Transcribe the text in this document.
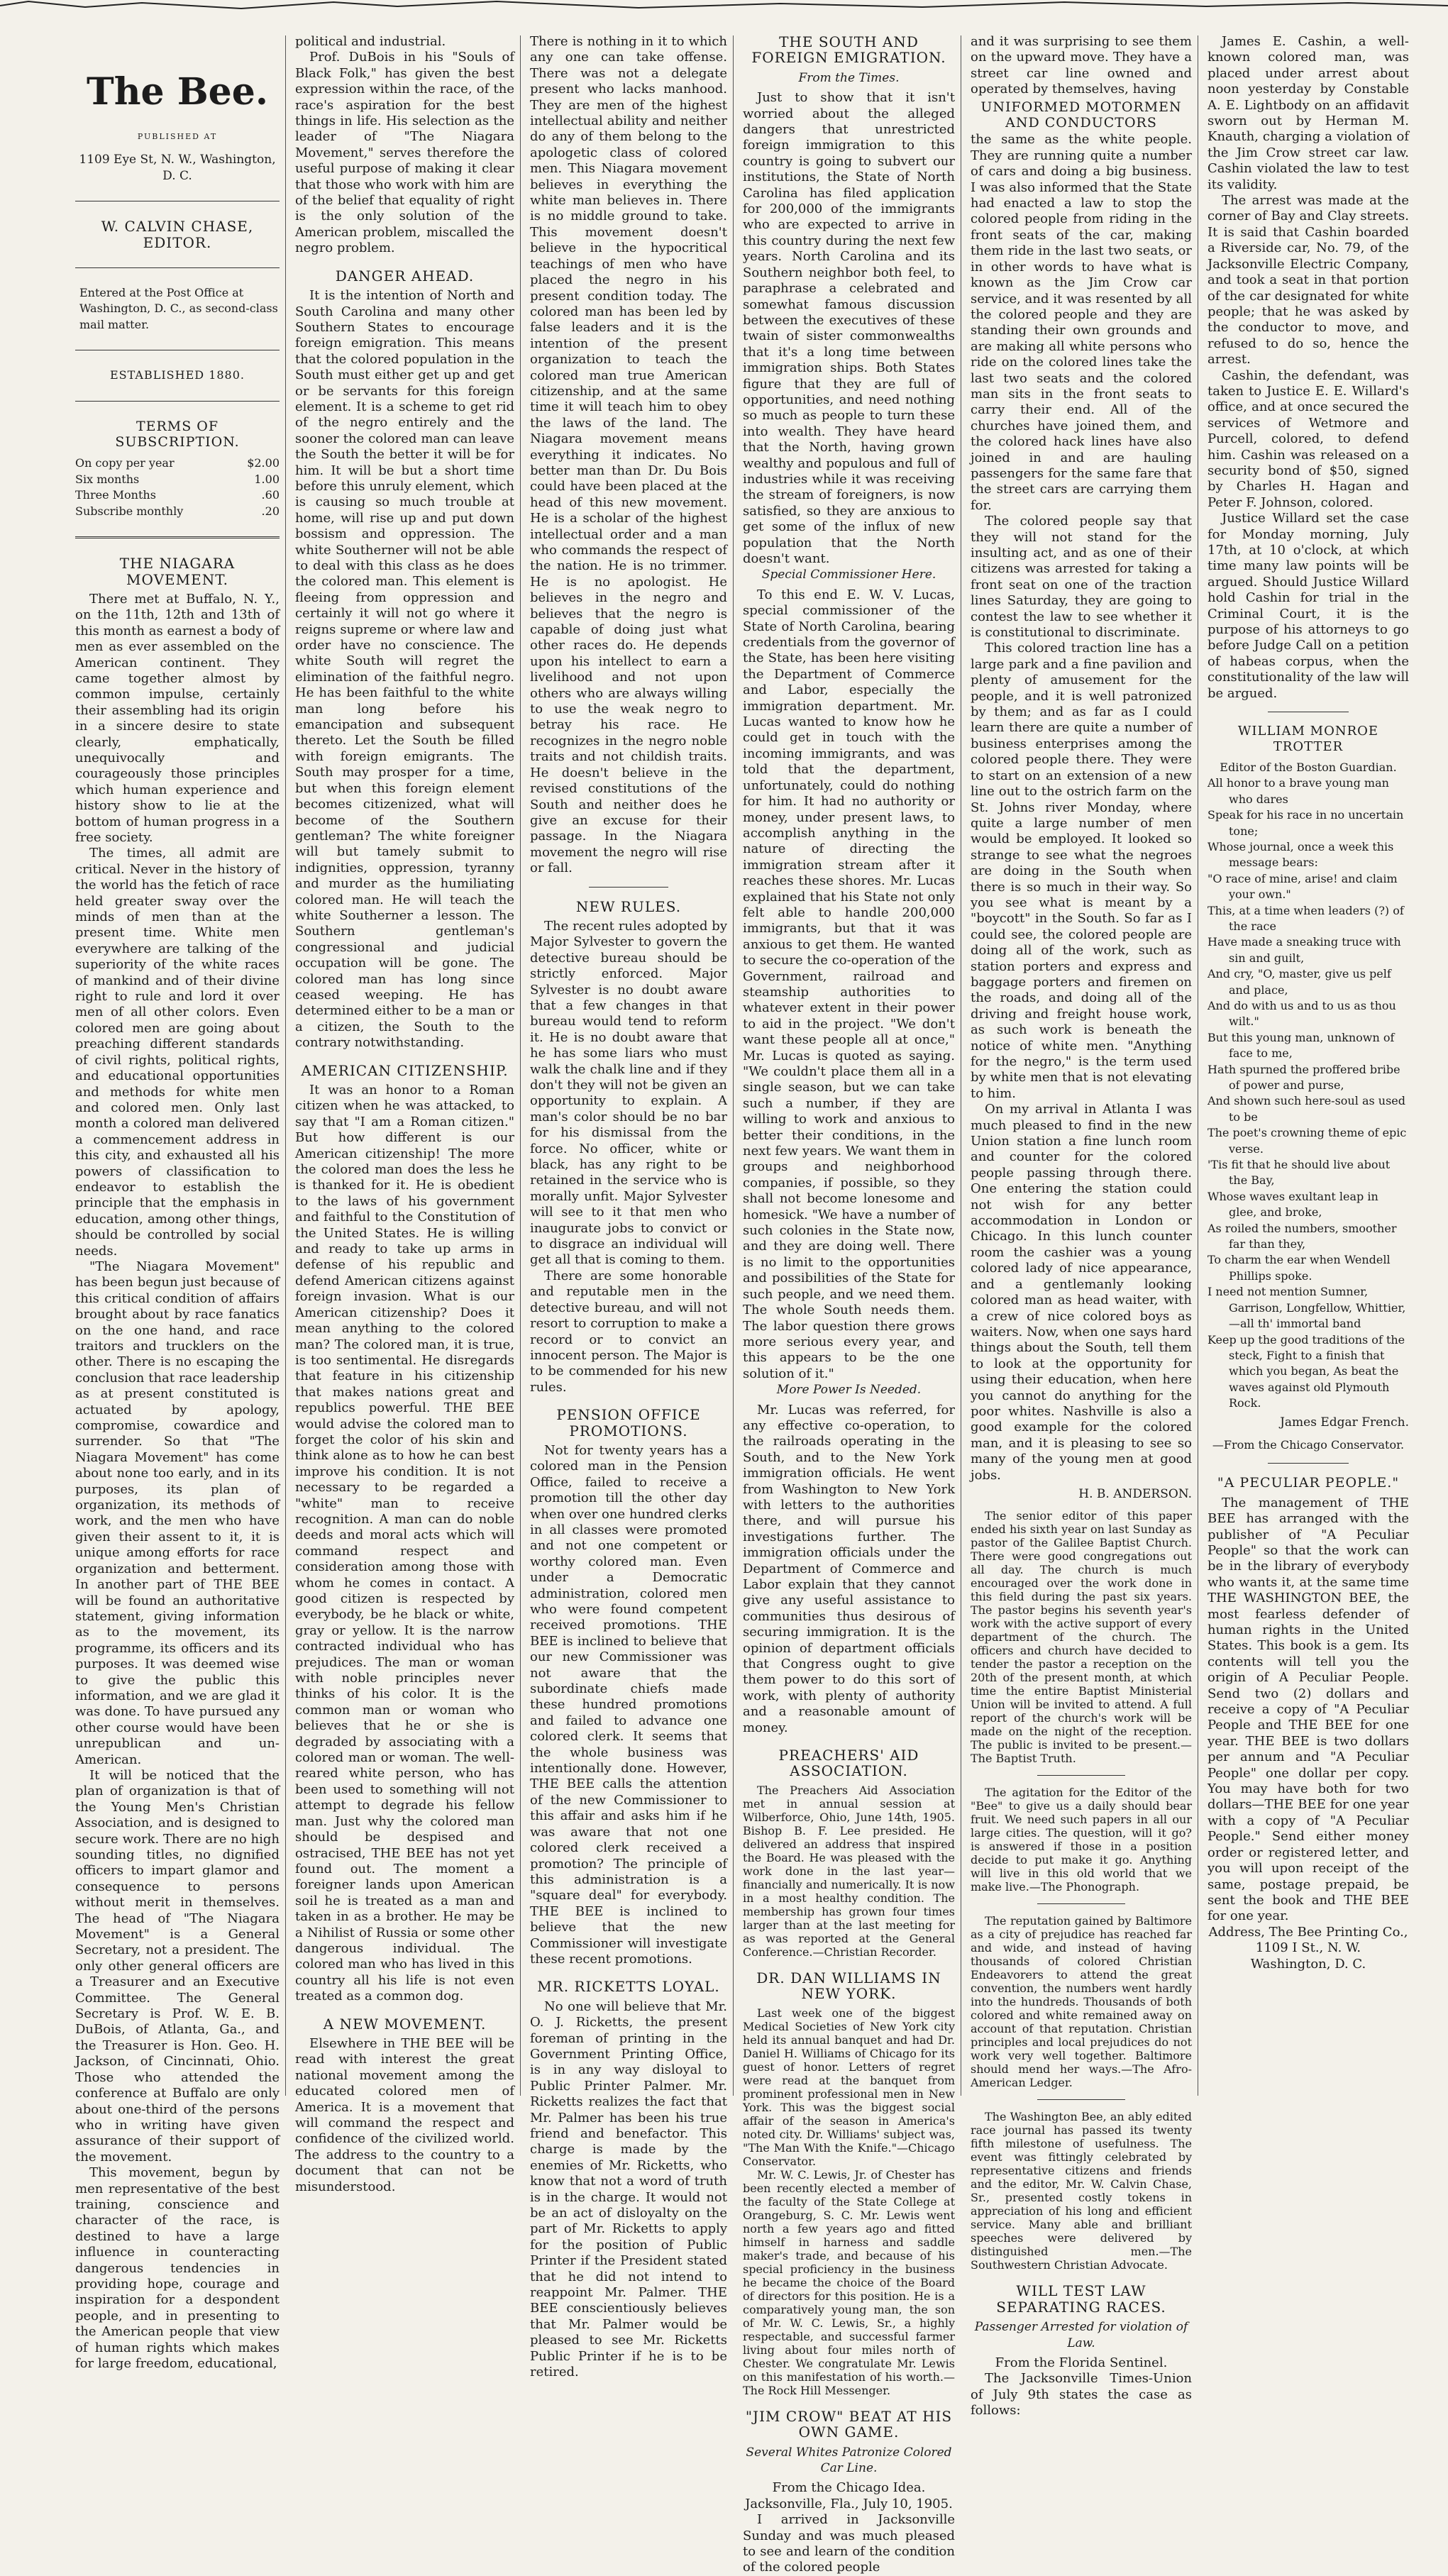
The Bee.
PUBLISHED AT
1109 Eye St, N. W., Washington, D. C.
W. CALVIN CHASE, EDITOR.
Entered at the Post Office at Washington, D. C., as second-class mail matter.
ESTABLISHED 1880.
TERMS OF SUBSCRIPTION.
On copy per year	$2.00
Six months	1.00
Three Months	.60
Subscribe monthly	.20
THE NIAGARA MOVEMENT.

There met at Buffalo, N. Y., on the 11th, 12th and 13th of this month as earnest a body of men as ever assembled on the American continent. They came together almost by common impulse, certainly their assembling had its origin in a sincere desire to state clearly, emphatically, unequivocally and courageously those principles which human experience and history show to lie at the bottom of human progress in a free society.

The times, all admit are critical. Never in the history of the world has the fetich of race held greater sway over the minds of men than at the present time. White men everywhere are talking of the superiority of the white races of mankind and of their divine right to rule and lord it over men of all other colors. Even colored men are going about preaching different standards of civil rights, political rights, and educational opportunities and methods for white men and colored men. Only last month a colored man delivered a commencement address in this city, and exhausted all his powers of classification to endeavor to establish the principle that the emphasis in education, among other things, should be controlled by social needs.

"The Niagara Movement" has been begun just because of this critical condition of affairs brought about by race fanatics on the one hand, and race traitors and trucklers on the other. There is no escaping the conclusion that race leadership as at present constituted is actuated by apology, compromise, cowardice and surrender. So that "The Niagara Movement" has come about none too early, and in its purposes, its plan of organization, its methods of work, and the men who have given their assent to it, it is unique among efforts for race organization and betterment. In another part of THE BEE will be found an authoritative statement, giving information as to the movement, its programme, its officers and its purposes. It was deemed wise to give the public this information, and we are glad it was done. To have pursued any other course would have been unrepublican and un-American.

It will be noticed that the plan of organization is that of the Young Men's Christian Association, and is designed to secure work. There are no high sounding titles, no dignified officers to impart glamor and consequence to persons without merit in themselves. The head of "The Niagara Movement" is a General Secretary, not a president. The only other general officers are a Treasurer and an Executive Committee. The General Secretary is Prof. W. E. B. DuBois, of Atlanta, Ga., and the Treasurer is Hon. Geo. H. Jackson, of Cincinnati, Ohio. Those who attended the conference at Buffalo are only about one-third of the persons who in writing have given assurance of their support of the movement.

This movement, begun by men representative of the best training, conscience and character of the race, is destined to have a large influence in counteracting dangerous tendencies in providing hope, courage and inspiration for a despondent people, and in presenting to the American people that view of human rights which makes for large freedom, educational,

political and industrial.

Prof. DuBois in his "Souls of Black Folk," has given the best expression within the race, of the race's aspiration for the best things in life. His selection as the leader of "The Niagara Movement," serves therefore the useful purpose of making it clear that those who work with him are of the belief that equality of right is the only solution of the American problem, miscalled the negro problem.

DANGER AHEAD.

It is the intention of North and South Carolina and many other Southern States to encourage foreign emigration. This means that the colored population in the South must either get up and get or be servants for this foreign element. It is a scheme to get rid of the negro entirely and the sooner the colored man can leave the South the better it will be for him. It will be but a short time before this unruly element, which is causing so much trouble at home, will rise up and put down bossism and oppression. The white Southerner will not be able to deal with this class as he does the colored man. This element is fleeing from oppression and certainly it will not go where it reigns supreme or where law and order have no conscience. The white South will regret the elimination of the faithful negro. He has been faithful to the white man long before his emancipation and subsequent thereto. Let the South be filled with foreign emigrants. The South may prosper for a time, but when this foreign element becomes citizenized, what will become of the Southern gentleman? The white foreigner will but tamely submit to indignities, oppression, tyranny and murder as the humiliating colored man. He will teach the white Southerner a lesson. The Southern gentleman's congressional and judicial occupation will be gone. The colored man has long since ceased weeping. He has determined either to be a man or a citizen, the South to the contrary notwithstanding.

AMERICAN CITIZENSHIP.

It was an honor to a Roman citizen when he was attacked, to say that "I am a Roman citizen." But how different is our American citizenship! The more the colored man does the less he is thanked for it. He is obedient to the laws of his government and faithful to the Constitution of the United States. He is willing and ready to take up arms in defense of his republic and defend American citizens against foreign invasion. What is our American citizenship? Does it mean anything to the colored man? The colored man, it is true, is too sentimental. He disregards that feature in his citizenship that makes nations great and republics powerful. THE BEE would advise the colored man to forget the color of his skin and think alone as to how he can best improve his condition. It is not necessary to be regarded a "white" man to receive recognition. A man can do noble deeds and moral acts which will command respect and consideration among those with whom he comes in contact. A good citizen is respected by everybody, be he black or white, gray or yellow. It is the narrow contracted individual who has prejudices. The man or woman with noble principles never thinks of his color. It is the common man or woman who believes that he or she is degraded by associating with a colored man or woman. The well-reared white person, who has been used to something will not attempt to degrade his fellow man. Just why the colored man should be despised and ostracised, THE BEE has not yet found out. The moment a foreigner lands upon American soil he is treated as a man and taken in as a brother. He may be a Nihilist of Russia or some other dangerous individual. The colored man who has lived in this country all his life is not even treated as a common dog.

A NEW MOVEMENT.

Elsewhere in THE BEE will be read with interest the great national movement among the educated colored men of America. It is a movement that will command the respect and confidence of the civilized world. The address to the country to a document that can not be misunderstood.

There is nothing in it to which any one can take offense. There was not a delegate present who lacks manhood. They are men of the highest intellectual ability and neither do any of them belong to the apologetic class of colored men. This Niagara movement believes in everything the white man believes in. There is no middle ground to take. This movement doesn't believe in the hypocritical teachings of men who have placed the negro in his present condition today. The colored man has been led by false leaders and it is the intention of the present organization to teach the colored man true American citizenship, and at the same time it will teach him to obey the laws of the land. The Niagara movement means everything it indicates. No better man than Dr. Du Bois could have been placed at the head of this new movement. He is a scholar of the highest intellectual order and a man who commands the respect of the nation. He is no trimmer. He is no apologist. He believes in the negro and believes that the negro is capable of doing just what other races do. He depends upon his intellect to earn a livelihood and not upon others who are always willing to use the weak negro to betray his race. He recognizes in the negro noble traits and not childish traits. He doesn't believe in the revised constitutions of the South and neither does he give an excuse for their passage. In the Niagara movement the negro will rise or fall.

NEW RULES.

The recent rules adopted by Major Sylvester to govern the detective bureau should be strictly enforced. Major Sylvester is no doubt aware that a few changes in that bureau would tend to reform it. He is no doubt aware that he has some liars who must walk the chalk line and if they don't they will not be given an opportunity to explain. A man's color should be no bar for his dismissal from the force. No officer, white or black, has any right to be retained in the service who is morally unfit. Major Sylvester will see to it that men who inaugurate jobs to convict or to disgrace an individual will get all that is coming to them.

There are some honorable and reputable men in the detective bureau, and will not resort to corruption to make a record or to convict an innocent person. The Major is to be commended for his new rules.

PENSION OFFICE PROMOTIONS.

Not for twenty years has a colored man in the Pension Office, failed to receive a promotion till the other day when over one hundred clerks in all classes were promoted and not one competent or worthy colored man. Even under a Democratic administration, colored men who were found competent received promotions. THE BEE is inclined to believe that our new Commissioner was not aware that the subordinate chiefs made these hundred promotions and failed to advance one colored clerk. It seems that the whole business was intentionally done. However, THE BEE calls the attention of the new Commissioner to this affair and asks him if he was aware that not one colored clerk received a promotion? The principle of this administration is a "square deal" for everybody. THE BEE is inclined to believe that the new Commissioner will investigate these recent promotions.

MR. RICKETTS LOYAL.

No one will believe that Mr. O. J. Ricketts, the present foreman of printing in the Government Printing Office, is in any way disloyal to Public Printer Palmer. Mr. Ricketts realizes the fact that Mr. Palmer has been his true friend and benefactor. This charge is made by the enemies of Mr. Ricketts, who know that not a word of truth is in the charge. It would not be an act of disloyalty on the part of Mr. Ricketts to apply for the position of Public Printer if the President stated that he did not intend to reappoint Mr. Palmer. THE BEE conscientiously believes that Mr. Palmer would be pleased to see Mr. Ricketts Public Printer if he is to be retired.

THE SOUTH AND FOREIGN EMIGRATION.
From the Times.

Just to show that it isn't worried about the alleged dangers that unrestricted foreign immigration to this country is going to subvert our institutions, the State of North Carolina has filed application for 200,000 of the immigrants who are expected to arrive in this country during the next few years. North Carolina and its Southern neighbor both feel, to paraphrase a celebrated and somewhat famous discussion between the executives of these twain of sister commonwealths that it's a long time between immigration ships. Both States figure that they are full of opportunities, and need nothing so much as people to turn these into wealth. They have heard that the North, having grown wealthy and populous and full of industries while it was receiving the stream of foreigners, is now satisfied, so they are anxious to get some of the influx of new population that the North doesn't want.

Special Commissioner Here.

To this end E. W. V. Lucas, special commissioner of the State of North Carolina, bearing credentials from the governor of the State, has been here visiting the Department of Commerce and Labor, especially the immigration department. Mr. Lucas wanted to know how he could get in touch with the incoming immigrants, and was told that the department, unfortunately, could do nothing for him. It had no authority or money, under present laws, to accomplish anything in the nature of directing the immigration stream after it reaches these shores. Mr. Lucas explained that his State not only felt able to handle 200,000 immigrants, but that it was anxious to get them. He wanted to secure the co-operation of the Government, railroad and steamship authorities to whatever extent in their power to aid in the project. "We don't want these people all at once," Mr. Lucas is quoted as saying. "We couldn't place them all in a single season, but we can take such a number, if they are willing to work and anxious to better their conditions, in the next few years. We want them in groups and neighborhood companies, if possible, so they shall not become lonesome and homesick. "We have a number of such colonies in the State now, and they are doing well. There is no limit to the opportunities and possibilities of the State for such people, and we need them. The whole South needs them. The labor question there grows more serious every year, and this appears to be the one solution of it."

More Power Is Needed.

Mr. Lucas was referred, for any effective co-operation, to the railroads operating in the South, and to the New York immigration officials. He went from Washington to New York with letters to the authorities there, and will pursue his investigations further. The immigration officials under the Department of Commerce and Labor explain that they cannot give any useful assistance to communities thus desirous of securing immigration. It is the opinion of department officials that Congress ought to give them power to do this sort of work, with plenty of authority and a reasonable amount of money.

PREACHERS' AID ASSOCIATION.

The Preachers Aid Association met in annual session at Wilberforce, Ohio, June 14th, 1905. Bishop B. F. Lee presided. He delivered an address that inspired the Board. He was pleased with the work done in the last year—financially and numerically. It is now in a most healthy condition. The membership has grown four times larger than at the last meeting for as was reported at the General Conference.—Christian Recorder.

DR. DAN WILLIAMS IN NEW YORK.

Last week one of the biggest Medical Societies of New York city held its annual banquet and had Dr. Daniel H. Williams of Chicago for its guest of honor. Letters of regret were read at the banquet from prominent professional men in New York. This was the biggest social affair of the season in America's noted city. Dr. Williams' subject was, "The Man With the Knife."—Chicago Conservator.

Mr. W. C. Lewis, Jr. of Chester has been recently elected a member of the faculty of the State College at Orangeburg, S. C. Mr. Lewis went north a few years ago and fitted himself in harness and saddle maker's trade, and because of his special proficiency in the business he became the choice of the Board of directors for this position. He is a comparatively young man, the son of Mr. W. C. Lewis, Sr., a highly respectable, and successful farmer living about four miles north of Chester. We congratulate Mr. Lewis on this manifestation of his worth.—The Rock Hill Messenger.

"JIM CROW" BEAT AT HIS OWN GAME.
Several Whites Patronize Colored Car Line.
From the Chicago Idea.
Jacksonville, Fla., July 10, 1905.

I arrived in Jacksonville Sunday and was much pleased to see and learn of the condition of the colored people

and it was surprising to see them on the upward move. They have a street car line owned and operated by themselves, having

UNIFORMED MOTORMEN AND CONDUCTORS

the same as the white people. They are running quite a number of cars and doing a big business. I was also informed that the State had enacted a law to stop the colored people from riding in the front seats of the car, making them ride in the last two seats, or in other words to have what is known as the Jim Crow car service, and it was resented by all the colored people and they are standing their own grounds and are making all white persons who ride on the colored lines take the last two seats and the colored man sits in the front seats to carry their end. All of the churches have joined them, and the colored hack lines have also joined in and are hauling passengers for the same fare that the street cars are carrying them for.

The colored people say that they will not stand for the insulting act, and as one of their citizens was arrested for taking a front seat on one of the traction lines Saturday, they are going to contest the law to see whether it is constitutional to discriminate.

This colored traction line has a large park and a fine pavilion and plenty of amusement for the people, and it is well patronized by them; and as far as I could learn there are quite a number of business enterprises among the colored people there. They were to start on an extension of a new line out to the ostrich farm on the St. Johns river Monday, where quite a large number of men would be employed. It looked so strange to see what the negroes are doing in the South when there is so much in their way. So you see what is meant by a "boycott" in the South. So far as I could see, the colored people are doing all of the work, such as station porters and express and baggage porters and firemen on the roads, and doing all of the driving and freight house work, as such work is beneath the notice of white men. "Anything for the negro," is the term used by white men that is not elevating to him.

On my arrival in Atlanta I was much pleased to find in the new Union station a fine lunch room and counter for the colored people passing through there. One entering the station could not wish for any better accommodation in London or Chicago. In this lunch counter room the cashier was a young colored lady of nice appearance, and a gentlemanly looking colored man as head waiter, with a crew of nice colored boys as waiters. Now, when one says hard things about the South, tell them to look at the opportunity for using their education, when here you cannot do anything for the poor whites. Nashville is also a good example for the colored man, and it is pleasing to see so many of the young men at good jobs.

H. B. ANDERSON.

The senior editor of this paper ended his sixth year on last Sunday as pastor of the Galilee Baptist Church. There were good congregations out all day. The church is much encouraged over the work done in this field during the past six years. The pastor begins his seventh year's work with the active support of every department of the church. The officers and church have decided to tender the pastor a reception on the 20th of the present month, at which time the entire Baptist Ministerial Union will be invited to attend. A full report of the church's work will be made on the night of the reception. The public is invited to be present.—The Baptist Truth.

The agitation for the Editor of the "Bee" to give us a daily should bear fruit. We need such papers in all our large cities. The question, will it go? is answered if those in a position decide to put make it go. Anything will live in this old world that we make live.—The Phonograph.

The reputation gained by Baltimore as a city of prejudice has reached far and wide, and instead of having thousands of colored Christian Endeavorers to attend the great convention, the numbers went hardly into the hundreds. Thousands of both colored and white remained away on account of that reputation. Christian principles and local prejudices do not work very well together. Baltimore should mend her ways.—The Afro-American Ledger.

The Washington Bee, an ably edited race journal has passed its twenty fifth milestone of usefulness. The event was fittingly celebrated by representative citizens and friends and the editor, Mr. W. Calvin Chase, Sr., presented costly tokens in appreciation of his long and efficient service. Many able and brilliant speeches were delivered by distinguished men.—The Southwestern Christian Advocate.

WILL TEST LAW SEPARATING RACES.
Passenger Arrested for violation of Law.
From the Florida Sentinel.

The Jacksonville Times-Union of July 9th states the case as follows:

James E. Cashin, a well-known colored man, was placed under arrest about noon yesterday by Constable A. E. Lightbody on an affidavit sworn out by Herman M. Knauth, charging a violation of the Jim Crow street car law. Cashin violated the law to test its validity.

The arrest was made at the corner of Bay and Clay streets. It is said that Cashin boarded a Riverside car, No. 79, of the Jacksonville Electric Company, and took a seat in that portion of the car designated for white people; that he was asked by the conductor to move, and refused to do so, hence the arrest.

Cashin, the defendant, was taken to Justice E. E. Willard's office, and at once secured the services of Wetmore and Purcell, colored, to defend him. Cashin was released on a security bond of $50, signed by Charles H. Hagan and Peter F. Johnson, colored.

Justice Willard set the case for Monday morning, July 17th, at 10 o'clock, at which time many law points will be argued. Should Justice Willard hold Cashin for trial in the Criminal Court, it is the purpose of his attorneys to go before Judge Call on a petition of habeas corpus, when the constitutionality of the law will be argued.

WILLIAM MONROE TROTTER
Editor of the Boston Guardian.

All honor to a brave young man who dares

Speak for his race in no uncertain tone;

Whose journal, once a week this message bears:

"O race of mine, arise! and claim your own."

This, at a time when leaders (?) of the race

Have made a sneaking truce with sin and guilt,

And cry, "O, master, give us pelf and place,

And do with us and to us as thou wilt."

But this young man, unknown of face to me,

Hath spurned the proffered bribe of power and purse,

And shown such here-soul as used to be

The poet's crowning theme of epic verse.

'Tis fit that he should live about the Bay,

Whose waves exultant leap in glee, and broke,

As roiled the numbers, smoother far than they,

To charm the ear when Wendell Phillips spoke.

I need not mention Sumner, Garrison, Longfellow, Whittier,—all th' immortal band

Keep up the good traditions of the steck, Fight to a finish that which you began, As beat the waves against old Plymouth Rock.

James Edgar French.
—From the Chicago Conservator.
"A PECULIAR PEOPLE."

The management of THE BEE has arranged with the publisher of "A Peculiar People" so that the work can be in the library of everybody who wants it, at the same time THE WASHINGTON BEE, the most fearless defender of human rights in the United States. This book is a gem. Its contents will tell you the origin of A Peculiar People. Send two (2) dollars and receive a copy of "A Peculiar People and THE BEE for one year. THE BEE is two dollars per annum and "A Peculiar People" one dollar per copy. You may have both for two dollars—THE BEE for one year with a copy of "A Peculiar People." Send either money order or registered letter, and you will upon receipt of the same, postage prepaid, be sent the book and THE BEE for one year.

Address, The Bee Printing Co.,
1109 I St., N. W.
Washington, D. C.
